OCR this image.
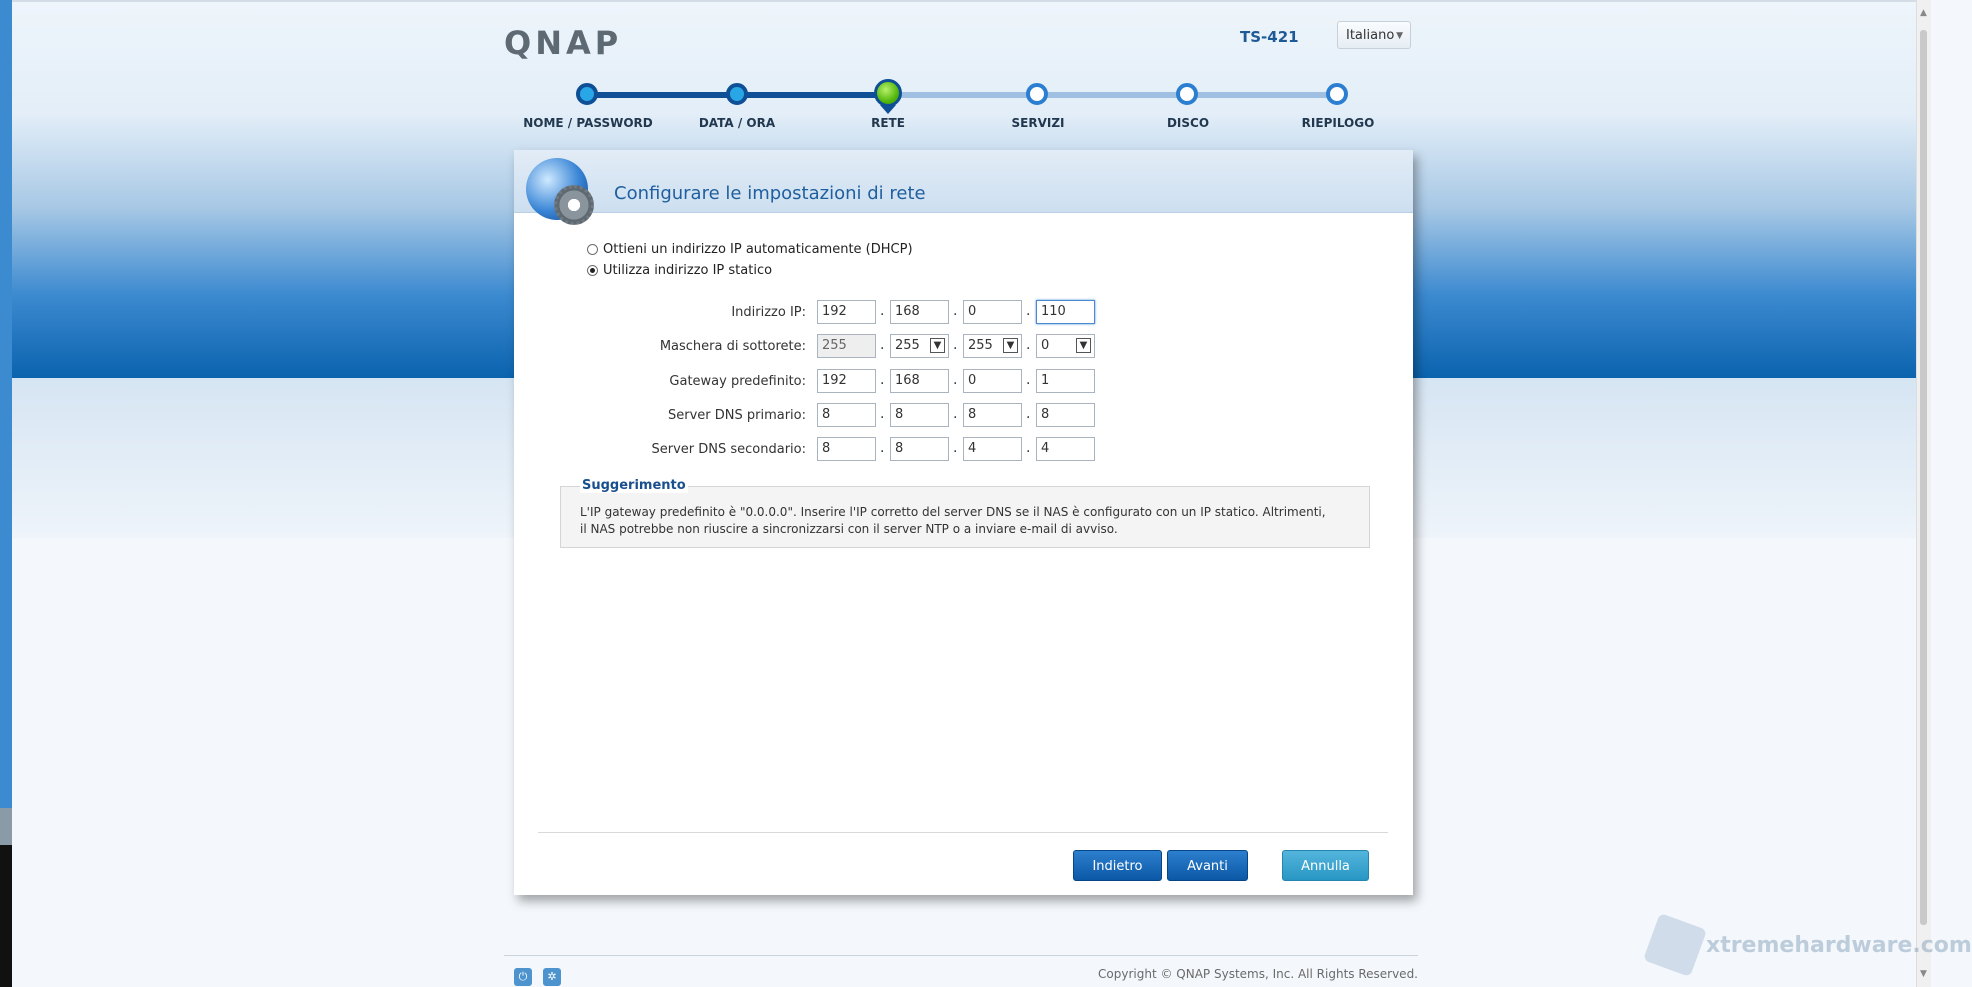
▲
▼
QNAP	TS-421	Italiano ▼
NOME / PASSWORD	DATA / ORA	RETE	SERVIZI	DISCO	RIEPILOGO
Configurare le impostazioni di rete
Ottieni un indirizzo IP automaticamente (DHCP)
Utilizza indirizzo IP statico
Indirizzo IP:	192	. 168	. 0	. 110
Maschera di sottorete:	255	. 255	▼ . 255	▼ . 0	▼
Gateway predefinito:	192	. 168	. 0	. 1
Server DNS primario:	8	. 8	. 8	. 8
Server DNS secondario:	8	. 8	. 4	. 4
Suggerimento
L'IP gateway predefinito è "0.0.0.0". Inserire l'IP corretto del server DNS se il NAS è configurato con un IP statico. Altrimenti,
il NAS potrebbe non riuscire a sincronizzarsi con il server NTP o a inviare e-mail di avviso.
Indietro	Avanti	Annulla
⏻	✲	Copyright © QNAP Systems, Inc. All Rights Reserved.
xtremehardware.com
